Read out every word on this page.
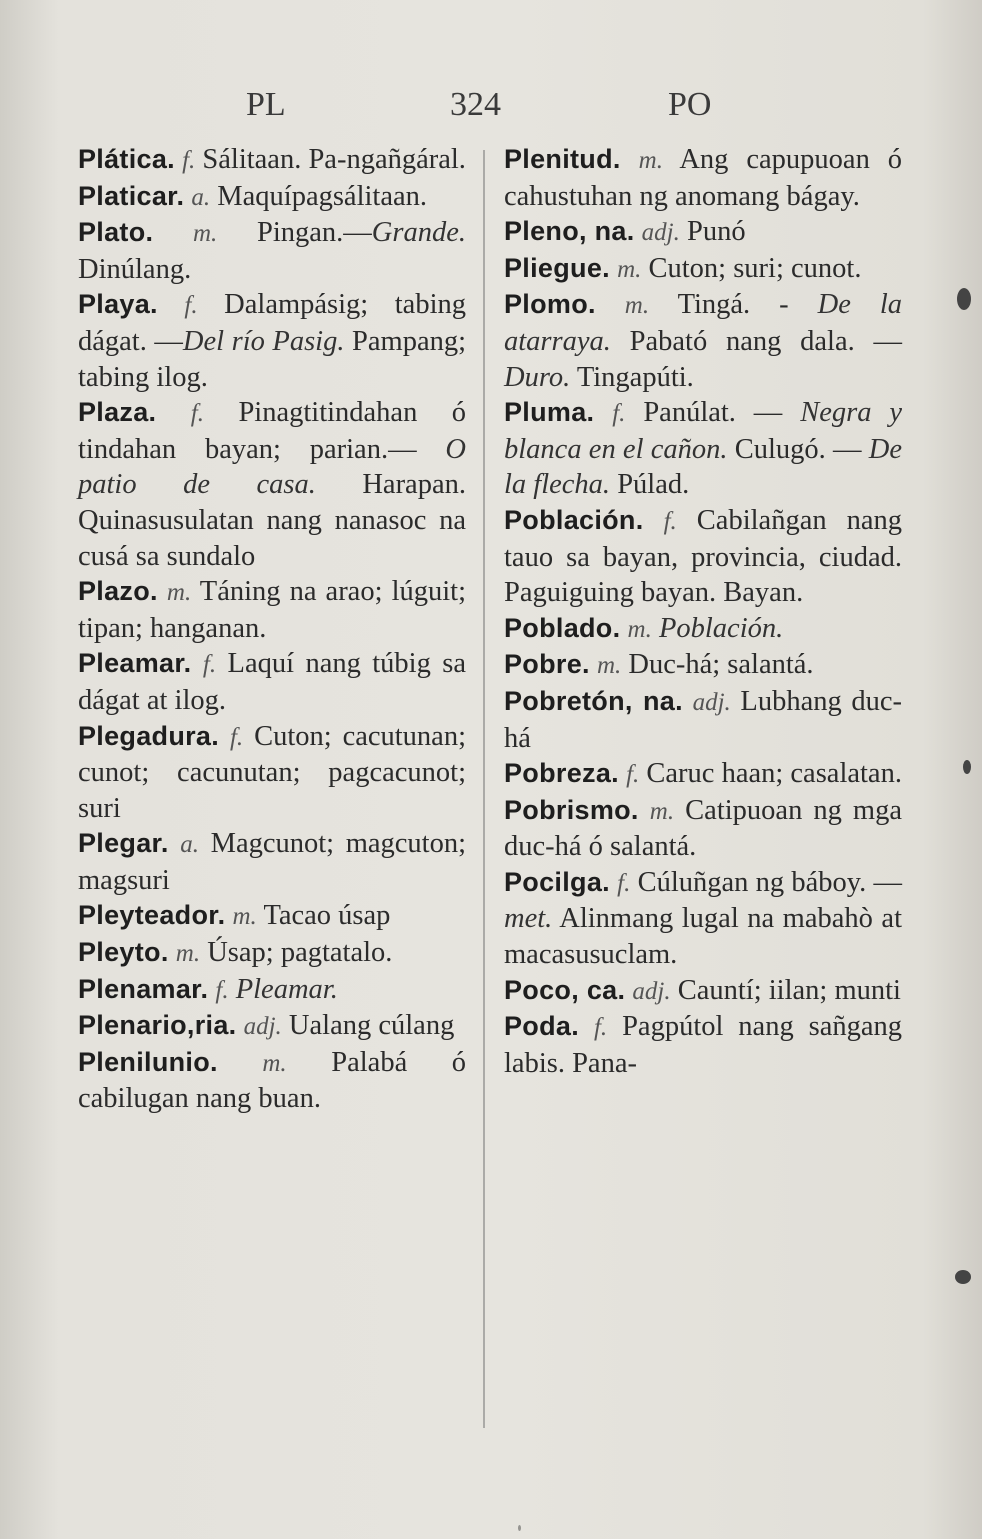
PL	324	PO
Plática. f. Sálitaan. Pa-ngañgáral.
Platicar. a. Maquípagsálitaan.
Plato. m. Pingan.—Grande. Dinúlang.
Playa. f. Dalampásig; tabing dágat. —Del río Pasig. Pampang; tabing ilog.
Plaza. f. Pinagtitindahan ó tindahan bayan; parian.— O patio de casa. Harapan. Quinasusulatan nang nanasoc na cusá sa sundalo
Plazo. m. Táning na arao; lúguit; tipan; hanganan.
Pleamar. f. Laquí nang túbig sa dágat at ilog.
Plegadura. f. Cuton; cacutunan; cunot; cacunutan; pagcacunot; suri
Plegar. a. Magcunot; magcuton; magsuri
Pleyteador. m. Tacao úsap
Pleyto. m. Úsap; pagtatalo.
Plenamar. f. Pleamar.
Plenario,ria. adj. Ualang cúlang
Plenilunio. m. Palabá ó cabilugan nang buan.
Plenitud. m. Ang capupuoan ó cahustuhan ng anomang bágay.
Pleno, na. adj. Punó
Pliegue. m. Cuton; suri; cunot.
Plomo. m. Tingá. - De la atarraya. Pabató nang dala. — Duro. Tingapúti.
Pluma. f. Panúlat. — Negra y blanca en el cañon. Culugó. — De la flecha. Púlad.
Población. f. Cabilañgan nang tauo sa bayan, provincia, ciudad. Paguiguing bayan. Bayan.
Poblado. m. Población.
Pobre. m. Duc-há; salantá.
Pobretón, na. adj. Lubhang duc-há
Pobreza. f. Caruc haan; casalatan.
Pobrismo. m. Catipuoan ng mga duc-há ó salantá.
Pocilga. f. Cúluñgan ng báboy. — met. Alinmang lugal na mabahò at macasusuclam.
Poco, ca. adj. Cauntí; iilan; munti
Poda. f. Pagpútol nang sañgang labis. Pana-
